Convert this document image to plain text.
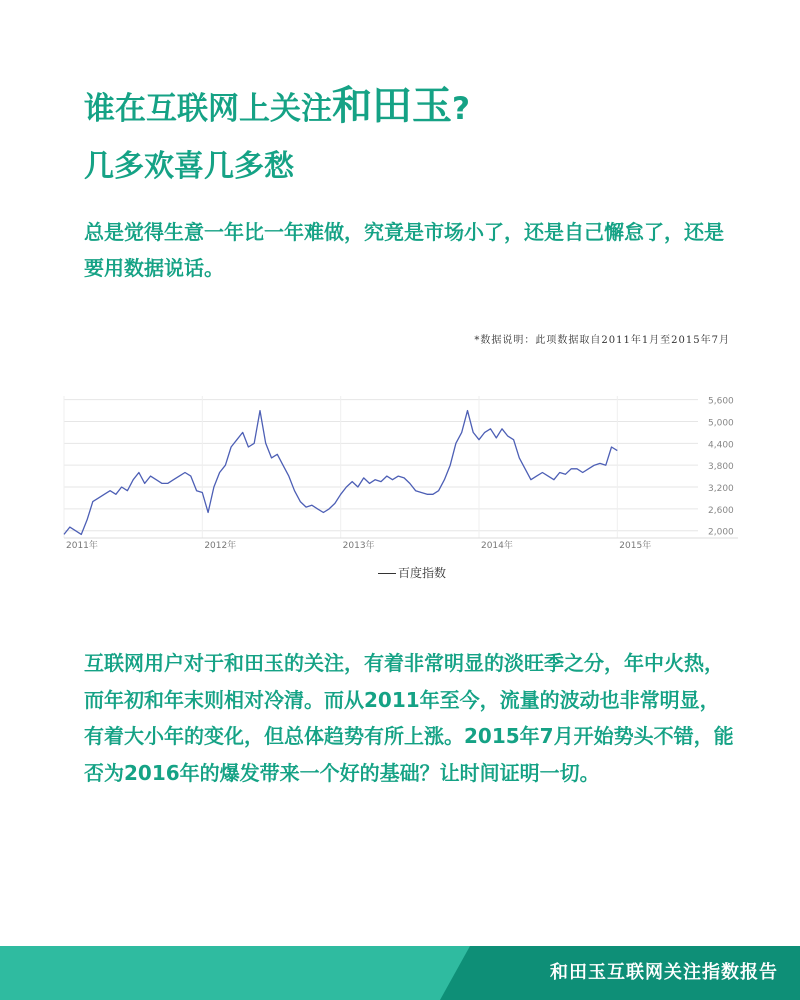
谁在互联网上关注和田玉?
几多欢喜几多愁
总是觉得生意一年比一年难做，究竟是市场小了，还是自己懈怠了，还是要用数据说话。
*数据说明：此项数据取自2011年1月至2015年7月
2,000
2,600
3,200
3,800
4,400
5,000
5,600
2011年	2012年	2013年	2014年	2015年
百度指数
互联网用户对于和田玉的关注，有着非常明显的淡旺季之分，年中火热，而年初和年末则相对冷清。而从2011年至今，流量的波动也非常明显，有着大小年的变化，但总体趋势有所上涨。2015年7月开始势头不错，能否为2016年的爆发带来一个好的基础？让时间证明一切。
和田玉互联网关注指数报告
